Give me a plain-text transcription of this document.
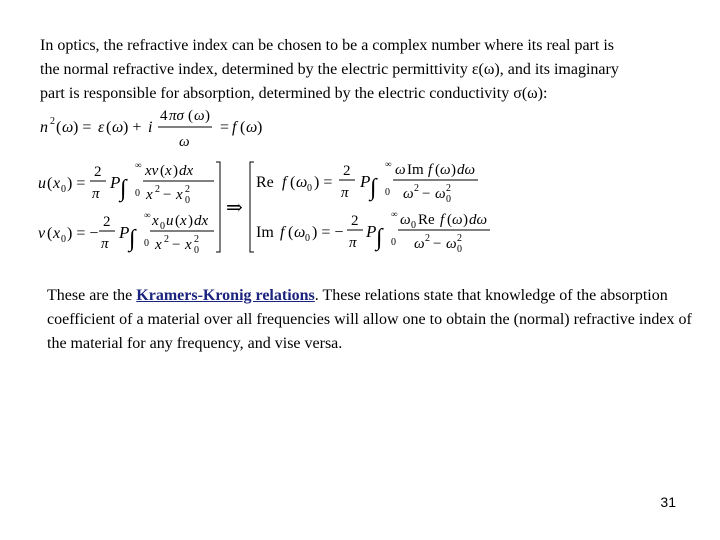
In optics, the refractive index can be chosen to be a complex number where its real part is
the normal refractive index, determined by the electric permittivity ε(ω), and its imaginary
part is responsible for absorption, determined by the electric conductivity σ(ω):

n 2 ( ω ) = ε ( ω ) + i
4 πσ ( ω )
ω
= f ( ω )
u ( x 0 ) =
2
π
P ∫
∞
0
xv ( x ) dx
x 2 − x 2
0
v ( x 0 ) = −
2
π
P ∫
∞
0
x 0 u ( x ) dx
x 2 − x 2
0
⇒
Re f ( ω 0 ) =
2
π
P ∫
∞
0
ω Im f ( ω ) dω
ω 2 − ω 2
0
Im f ( ω 0 ) = −
2
π
P ∫
∞
0
ω 0 Re f ( ω ) dω
ω 2 − ω 2
0

These are the Kramers-Kronig relations. These relations state that knowledge of the absorption coefficient of a material over all frequencies will allow one to obtain the (normal) refractive index of the material for any frequency, and vise versa.

31
